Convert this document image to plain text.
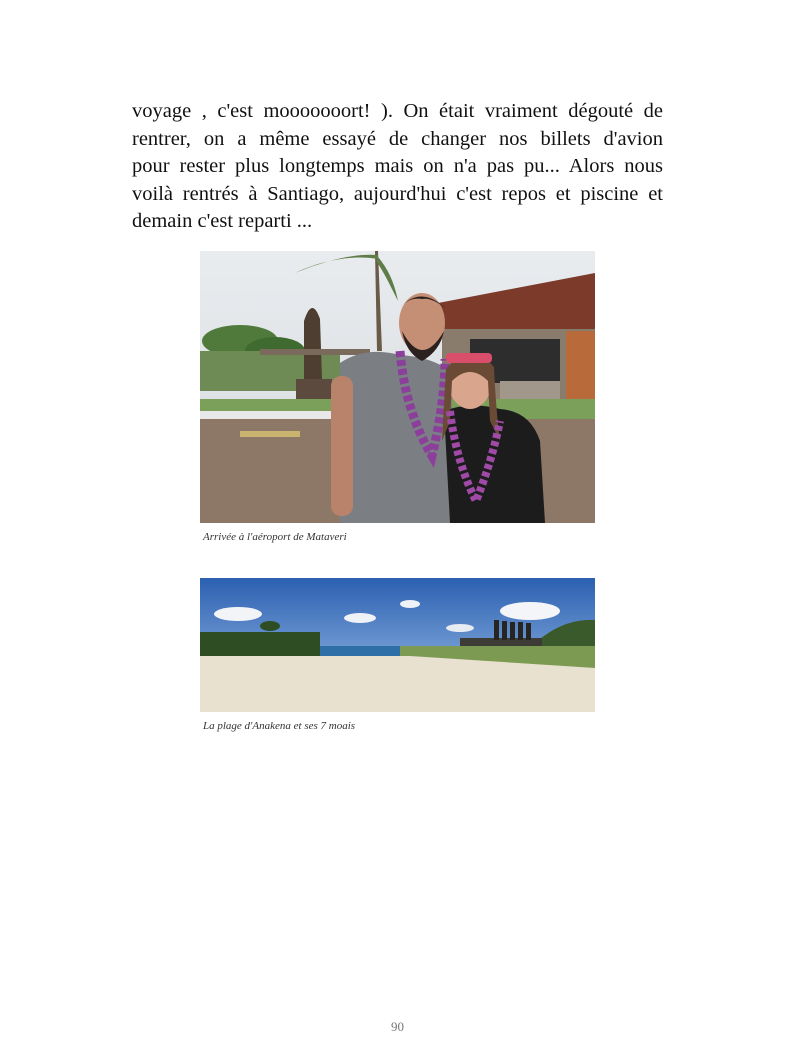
voyage , c'est mooooooort! ). On était vraiment dégouté de
rentrer, on a même essayé de changer nos billets d'avion
pour rester plus longtemps mais on n'a pas pu... Alors nous
voilà rentrés à Santiago, aujourd'hui c'est repos et piscine et
demain c'est reparti ...

Arrivée à l'aéroport de Mataveri

La plage d'Anakena et ses 7 moais

90
